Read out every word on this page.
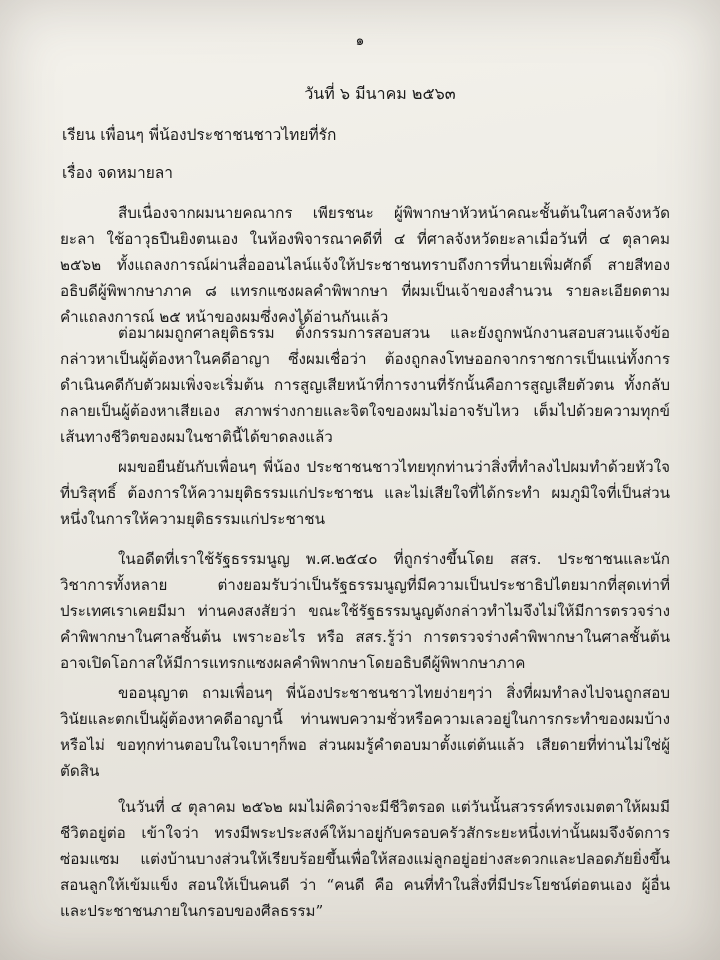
๑
วันที่ ๖ มีนาคม ๒๕๖๓
เรียน เพื่อนๆ พี่น้องประชาชนชาวไทยที่รัก
เรื่อง จดหมายลา

สืบเนื่องจากผมนายคณากร เพียรชนะ ผู้พิพากษาหัวหน้าคณะชั้นต้นในศาลจังหวัดยะลา ใช้อาวุธปืนยิงตนเอง ในห้องพิจารณาคดีที่ ๔ ที่ศาลจังหวัดยะลาเมื่อวันที่ ๔ ตุลาคม ๒๕๖๒ ทั้งแถลงการณ์ผ่านสื่อออนไลน์แจ้งให้ประชาชนทราบถึงการที่นายเพิ่มศักดิ์ สายสีทอง อธิบดีผู้พิพากษาภาค ๘ แทรกแซงผลคำพิพากษา ที่ผมเป็นเจ้าของสำนวน รายละเอียดตามคำแถลงการณ์ ๒๕ หน้าของผมซึ่งคงได้อ่านกันแล้ว

ต่อมาผมถูกศาลยุติธรรม ตั้งกรรมการสอบสวน และยังถูกพนักงานสอบสวนแจ้งข้อกล่าวหาเป็นผู้ต้องหาในคดีอาญา ซึ่งผมเชื่อว่า ต้องถูกลงโทษออกจากราชการเป็นแน่ทั้งการดำเนินคดีกับตัวผมเพิ่งจะเริ่มต้น การสูญเสียหน้าที่การงานที่รักนั้นคือการสูญเสียตัวตน ทั้งกลับกลายเป็นผู้ต้องหาเสียเอง สภาพร่างกายและจิตใจของผมไม่อาจรับไหว เต็มไปด้วยความทุกข์เส้นทางชีวิตของผมในชาตินี้ได้ขาดลงแล้ว

ผมขอยืนยันกับเพื่อนๆ พี่น้อง ประชาชนชาวไทยทุกท่านว่าสิ่งที่ทำลงไปผมทำด้วยหัวใจที่บริสุทธิ์ ต้องการให้ความยุติธรรมแก่ประชาชน และไม่เสียใจที่ได้กระทำ ผมภูมิใจที่เป็นส่วนหนึ่งในการให้ความยุติธรรมแก่ประชาชน

ในอดีตที่เราใช้รัฐธรรมนูญ พ.ศ.๒๕๔๐ ที่ถูกร่างขึ้นโดย สสร. ประชาชนและนักวิชาการทั้งหลาย ต่างยอมรับว่าเป็นรัฐธรรมนูญที่มีความเป็นประชาธิปไตยมากที่สุดเท่าที่ประเทศเราเคยมีมา ท่านคงสงสัยว่า ขณะใช้รัฐธรรมนูญดังกล่าวทำไมจึงไม่ให้มีการตรวจร่างคำพิพากษาในศาลชั้นต้น เพราะอะไร หรือ สสร.รู้ว่า การตรวจร่างคำพิพากษาในศาลชั้นต้นอาจเปิดโอกาสให้มีการแทรกแซงผลคำพิพากษาโดยอธิบดีผู้พิพากษาภาค

ขออนุญาต ถามเพื่อนๆ พี่น้องประชาชนชาวไทยง่ายๆว่า สิ่งที่ผมทำลงไปจนถูกสอบวินัยและตกเป็นผู้ต้องหาคดีอาญานี้ ท่านพบความชั่วหรือความเลวอยู่ในการกระทำของผมบ้างหรือไม่ ขอทุกท่านตอบในใจเบาๆก็พอ ส่วนผมรู้คำตอบมาตั้งแต่ต้นแล้ว เสียดายที่ท่านไม่ใช่ผู้ตัดสิน

ในวันที่ ๔ ตุลาคม ๒๕๖๒ ผมไม่คิดว่าจะมีชีวิตรอด แต่วันนั้นสวรรค์ทรงเมตตาให้ผมมีชีวิตอยู่ต่อ เข้าใจว่า ทรงมีพระประสงค์ให้มาอยู่กับครอบครัวสักระยะหนึ่งเท่านั้นผมจึงจัดการซ่อมแซม แต่งบ้านบางส่วนให้เรียบร้อยขึ้นเพื่อให้สองแม่ลูกอยู่อย่างสะดวกและปลอดภัยยิ่งขึ้นสอนลูกให้เข้มแข็ง สอนให้เป็นคนดี ว่า “คนดี คือ คนที่ทำในสิ่งที่มีประโยชน์ต่อตนเอง ผู้อื่น และประชาชนภายในกรอบของศีลธรรม”
